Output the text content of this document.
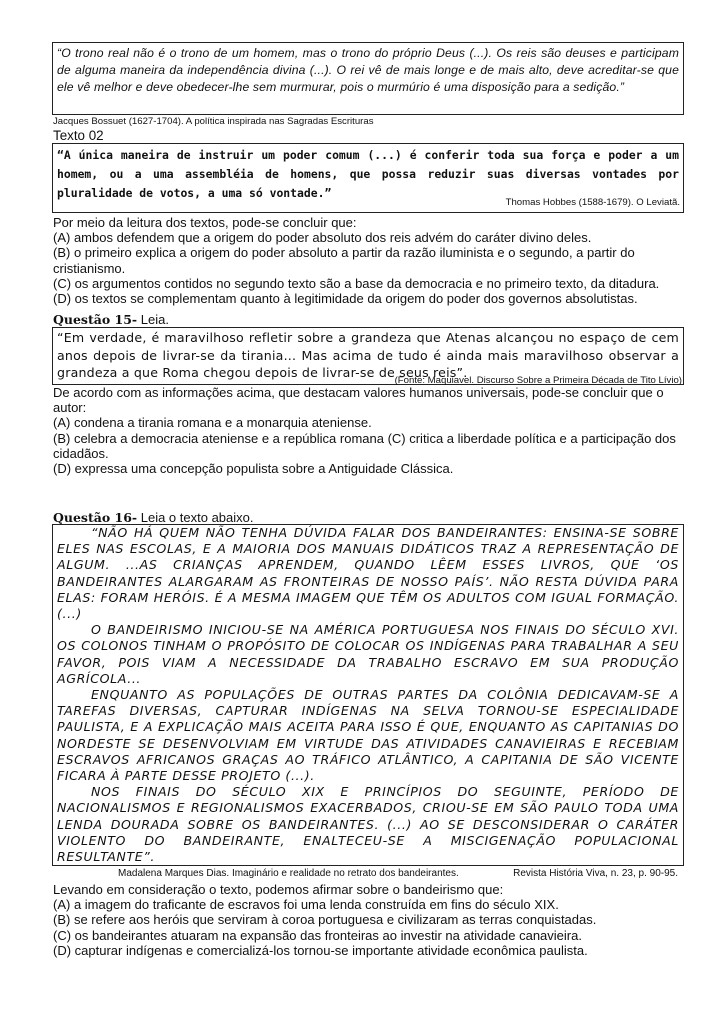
“O trono real não é o trono de um homem, mas o trono do próprio Deus (...). Os reis são deuses e participam de alguma maneira da independência divina (...). O rei vê de mais longe e de mais alto, deve acreditar-se que ele vê melhor e deve obedecer-lhe sem murmurar, pois o murmúrio é uma disposição para a sedição.”
Jacques Bossuet (1627-1704). A política inspirada nas Sagradas Escrituras
Texto 02
“A única maneira de instruir um poder comum (...) é conferir toda sua força e poder a um homem, ou a uma assembléia de homens, que possa reduzir suas diversas vontades por pluralidade de votos, a uma só vontade.”
Thomas Hobbes (1588-1679). O Leviatã.
Por meio da leitura dos textos, pode-se concluir que:
(A) ambos defendem que a origem do poder absoluto dos reis advém do caráter divino deles.
(B) o primeiro explica a origem do poder absoluto a partir da razão iluminista e o segundo, a partir do cristianismo.
(C) os argumentos contidos no segundo texto são a base da democracia e no primeiro texto, da ditadura.
(D) os textos se complementam quanto à legitimidade da origem do poder dos governos absolutistas.
Questão 15- Leia.
“Em verdade, é maravilhoso refletir sobre a grandeza que Atenas alcançou no espaço de cem anos depois de livrar-se da tirania... Mas acima de tudo é ainda mais maravilhoso observar a grandeza a que Roma chegou depois de livrar-se de seus reis”.
(Fonte: Maquiavel. Discurso Sobre a Primeira Década de Tito Lívio)
De acordo com as informações acima, que destacam valores humanos universais, pode-se concluir que o autor:
(A) condena a tirania romana e a monarquia ateniense.
(B) celebra a democracia ateniense e a república romana (C) critica a liberdade política e a participação dos
cidadãos.
(D) expressa uma concepção populista sobre a Antiguidade Clássica.
Questão 16- Leia o texto abaixo.

“NÃO HÁ QUEM NÃO TENHA DÚVIDA FALAR DOS BANDEIRANTES: ENSINA-SE SOBRE ELES NAS ESCOLAS, E A MAIORIA DOS MANUAIS DIDÁTICOS TRAZ A REPRESENTAÇÃO DE ALGUM. ...AS CRIANÇAS APRENDEM, QUANDO LÊEM ESSES LIVROS, QUE ‘OS BANDEIRANTES ALARGARAM AS FRONTEIRAS DE NOSSO PAÍS’. NÃO RESTA DÚVIDA PARA ELAS: FORAM HERÓIS. É A MESMA IMAGEM QUE TÊM OS ADULTOS COM IGUAL FORMAÇÃO. (...)

O BANDEIRISMO INICIOU-SE NA AMÉRICA PORTUGUESA NOS FINAIS DO SÉCULO XVI. OS COLONOS TINHAM O PROPÓSITO DE COLOCAR OS INDÍGENAS PARA TRABALHAR A SEU FAVOR, POIS VIAM A NECESSIDADE DA TRABALHO ESCRAVO EM SUA PRODUÇÃO AGRÍCOLA...

ENQUANTO AS POPULAÇÕES DE OUTRAS PARTES DA COLÔNIA DEDICAVAM-SE A TAREFAS DIVERSAS, CAPTURAR INDÍGENAS NA SELVA TORNOU-SE ESPECIALIDADE PAULISTA, E A EXPLICAÇÃO MAIS ACEITA PARA ISSO É QUE, ENQUANTO AS CAPITANIAS DO NORDESTE SE DESENVOLVIAM EM VIRTUDE DAS ATIVIDADES CANAVIEIRAS E RECEBIAM ESCRAVOS AFRICANOS GRAÇAS AO TRÁFICO ATLÂNTICO, A CAPITANIA DE SÃO VICENTE FICARA À PARTE DESSE PROJETO (...).

NOS FINAIS DO SÉCULO XIX E PRINCÍPIOS DO SEGUINTE, PERÍODO DE NACIONALISMOS E REGIONALISMOS EXACERBADOS, CRIOU-SE EM SÃO PAULO TODA UMA LENDA DOURADA SOBRE OS BANDEIRANTES. (...) AO SE DESCONSIDERAR O CARÁTER VIOLENTO DO BANDEIRANTE, ENALTECEU-SE A MISCIGENAÇÃO POPULACIONAL RESULTANTE”.

Madalena Marques Dias. Imaginário e realidade no retrato dos bandeirantes.	Revista História Viva, n. 23, p. 90-95.
Levando em consideração o texto, podemos afirmar sobre o bandeirismo que:
(A) a imagem do traficante de escravos foi uma lenda construída em fins do século XIX.
(B) se refere aos heróis que serviram à coroa portuguesa e civilizaram as terras conquistadas.
(C) os bandeirantes atuaram na expansão das fronteiras ao investir na atividade canavieira.
(D) capturar indígenas e comercializá-los tornou-se importante atividade econômica paulista.
